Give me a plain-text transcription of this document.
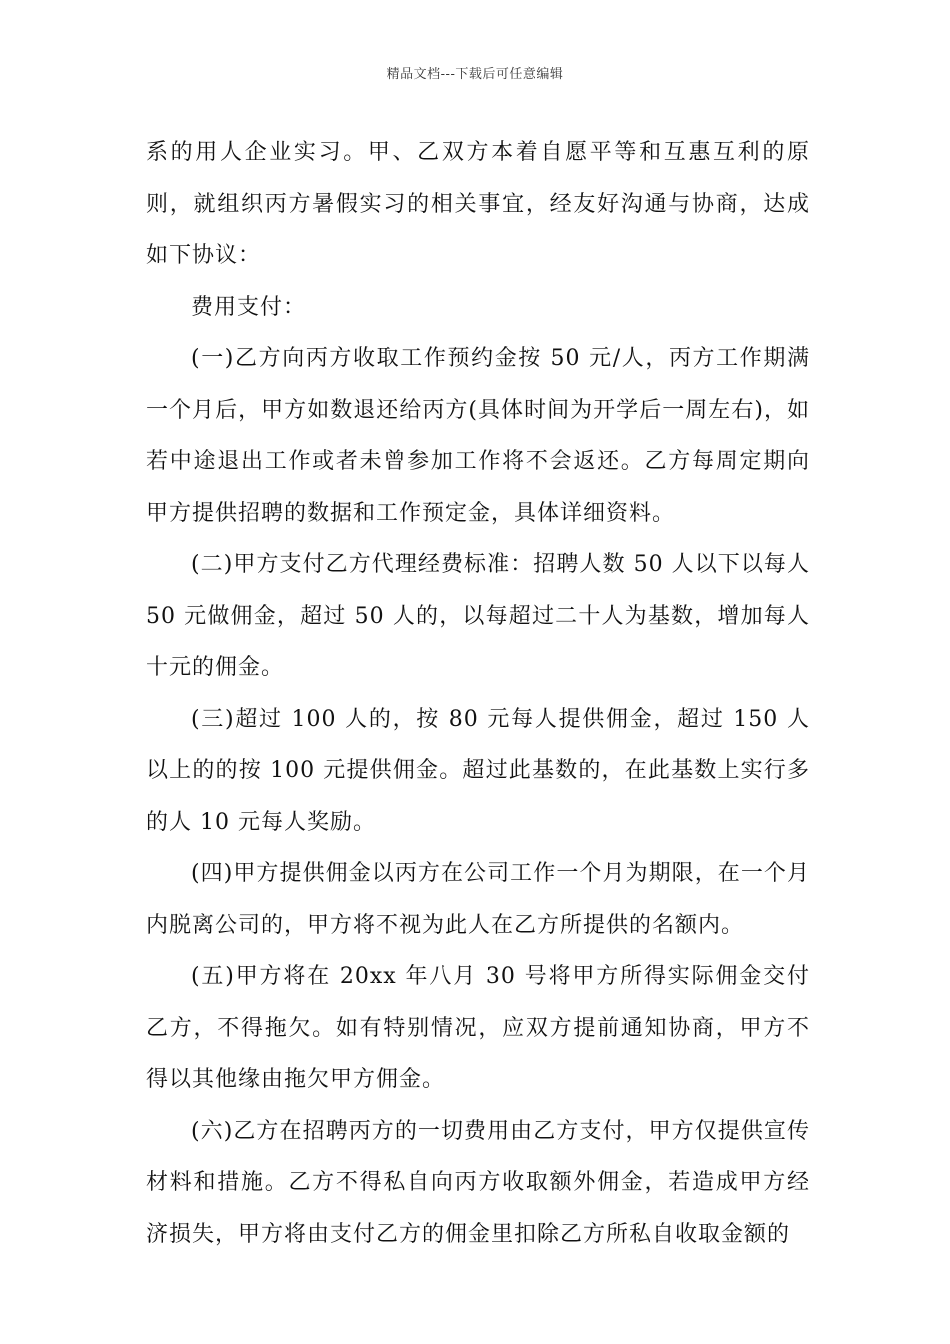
精品文档---下载后可任意编辑

系的用人企业实习。甲、乙双方本着自愿平等和互惠互利的原则，就组织丙方暑假实习的相关事宜，经友好沟通与协商，达成如下协议：

费用支付：

(一)乙方向丙方收取工作预约金按 50 元/人，丙方工作期满一个月后，甲方如数退还给丙方(具体时间为开学后一周左右)，如若中途退出工作或者未曾参加工作将不会返还。乙方每周定期向甲方提供招聘的数据和工作预定金，具体详细资料。

(二)甲方支付乙方代理经费标准：招聘人数 50 人以下以每人 50 元做佣金，超过 50 人的，以每超过二十人为基数，增加每人十元的佣金。

(三)超过 100 人的，按 80 元每人提供佣金，超过 150 人以上的的按 100 元提供佣金。超过此基数的，在此基数上实行多的人 10 元每人奖励。

(四)甲方提供佣金以丙方在公司工作一个月为期限，在一个月内脱离公司的，甲方将不视为此人在乙方所提供的名额内。

(五)甲方将在 20xx 年八月 30 号将甲方所得实际佣金交付乙方，不得拖欠。如有特别情况，应双方提前通知协商，甲方不得以其他缘由拖欠甲方佣金。

(六)乙方在招聘丙方的一切费用由乙方支付，甲方仅提供宣传材料和措施。乙方不得私自向丙方收取额外佣金，若造成甲方经济损失，甲方将由支付乙方的佣金里扣除乙方所私自收取金额的
